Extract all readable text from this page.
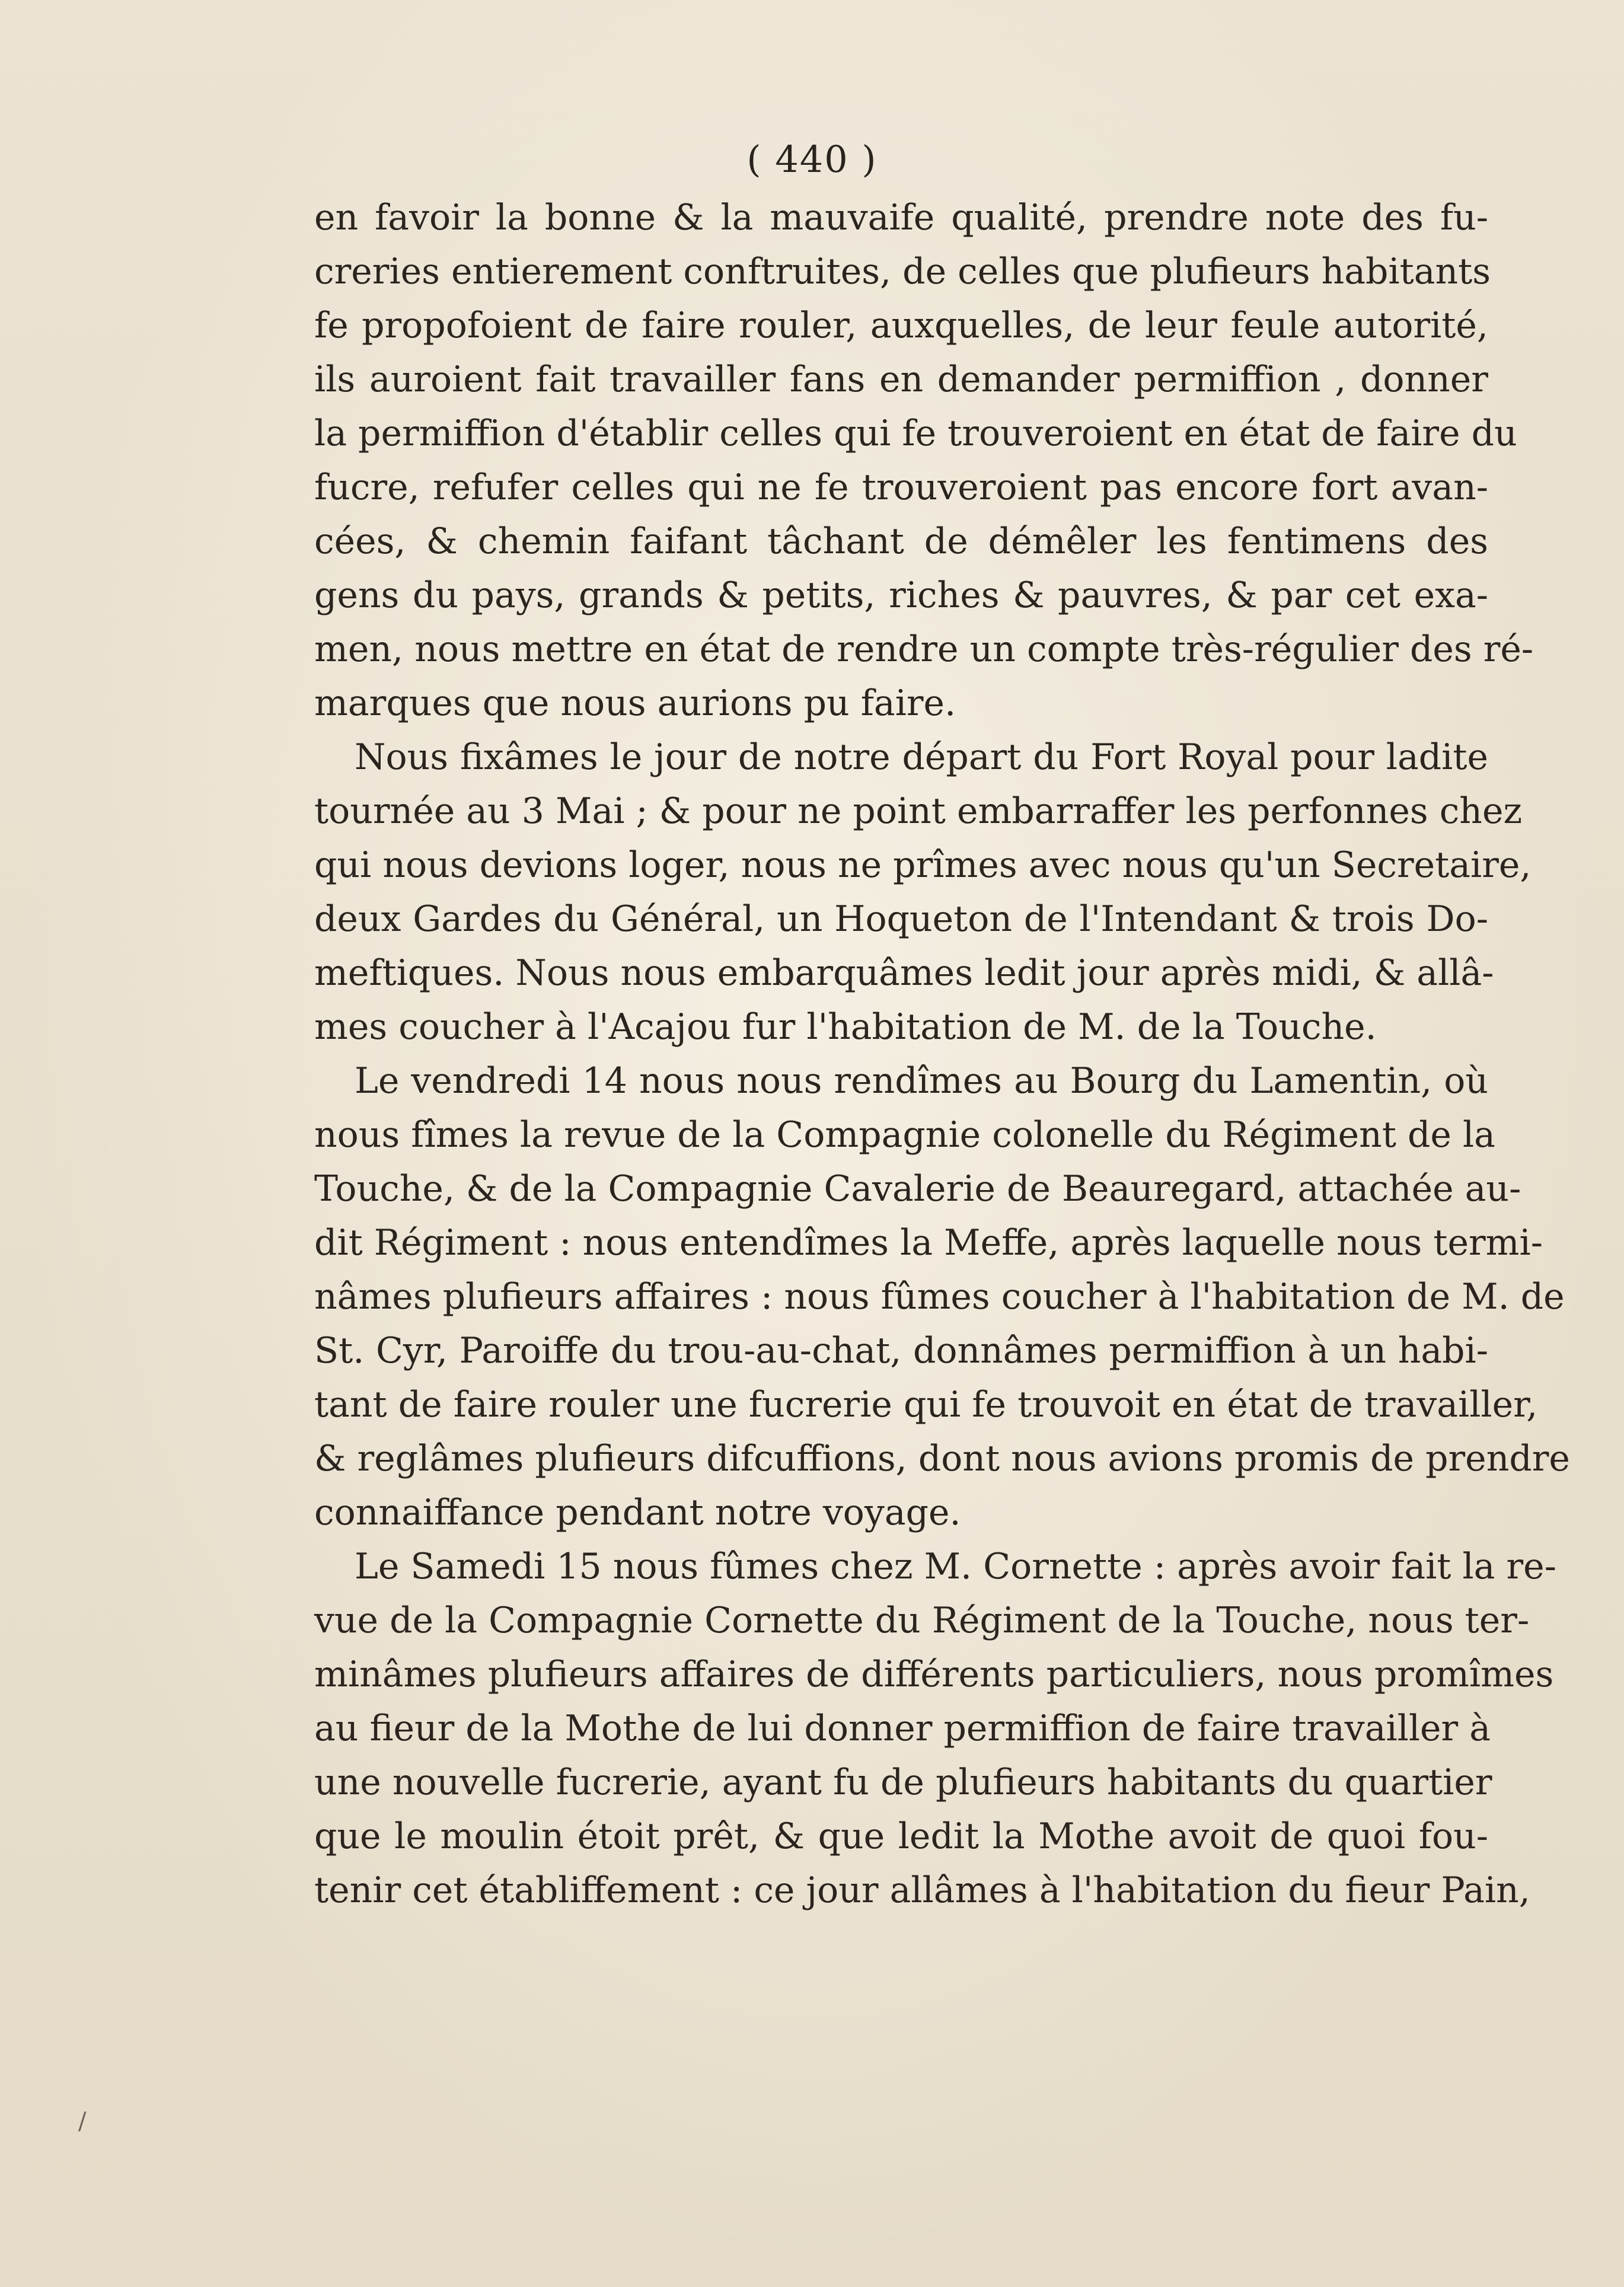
( 440 )
en favoir la bonne & la mauvaife qualité, prendre note des fu-
creries entierement conftruites, de celles que plufieurs habitants
fe propofoient de faire rouler, auxquelles, de leur feule autorité,
ils auroient fait travailler fans en demander permiffion , donner
la permiffion d'établir celles qui fe trouveroient en état de faire du
fucre, refufer celles qui ne fe trouveroient pas encore fort avan-
cées, & chemin faifant tâchant de démêler les fentimens des
gens du pays, grands & petits, riches & pauvres, & par cet exa-
men, nous mettre en état de rendre un compte très-régulier des ré-
marques que nous aurions pu faire.
Nous fixâmes le jour de notre départ du Fort Royal pour ladite
tournée au 3 Mai ; & pour ne point embarraffer les perfonnes chez
qui nous devions loger, nous ne prîmes avec nous qu'un Secretaire,
deux Gardes du Général, un Hoqueton de l'Intendant & trois Do-
meftiques. Nous nous embarquâmes ledit jour après midi, & allâ-
mes coucher à l'Acajou fur l'habitation de M. de la Touche.
Le vendredi 14 nous nous rendîmes au Bourg du Lamentin, où
nous fîmes la revue de la Compagnie colonelle du Régiment de la
Touche, & de la Compagnie Cavalerie de Beauregard, attachée au-
dit Régiment : nous entendîmes la Meffe, après laquelle nous termi-
nâmes plufieurs affaires : nous fûmes coucher à l'habitation de M. de
St. Cyr, Paroiffe du trou-au-chat, donnâmes permiffion à un habi-
tant de faire rouler une fucrerie qui fe trouvoit en état de travailler,
& reglâmes plufieurs difcuffions, dont nous avions promis de prendre
connaiffance pendant notre voyage.
Le Samedi 15 nous fûmes chez M. Cornette : après avoir fait la re-
vue de la Compagnie Cornette du Régiment de la Touche, nous ter-
minâmes plufieurs affaires de différents particuliers, nous promîmes
au fieur de la Mothe de lui donner permiffion de faire travailler à
une nouvelle fucrerie, ayant fu de plufieurs habitants du quartier
que le moulin étoit prêt, & que ledit la Mothe avoit de quoi fou-
tenir cet établiffement : ce jour allâmes à l'habitation du fieur Pain,
/
